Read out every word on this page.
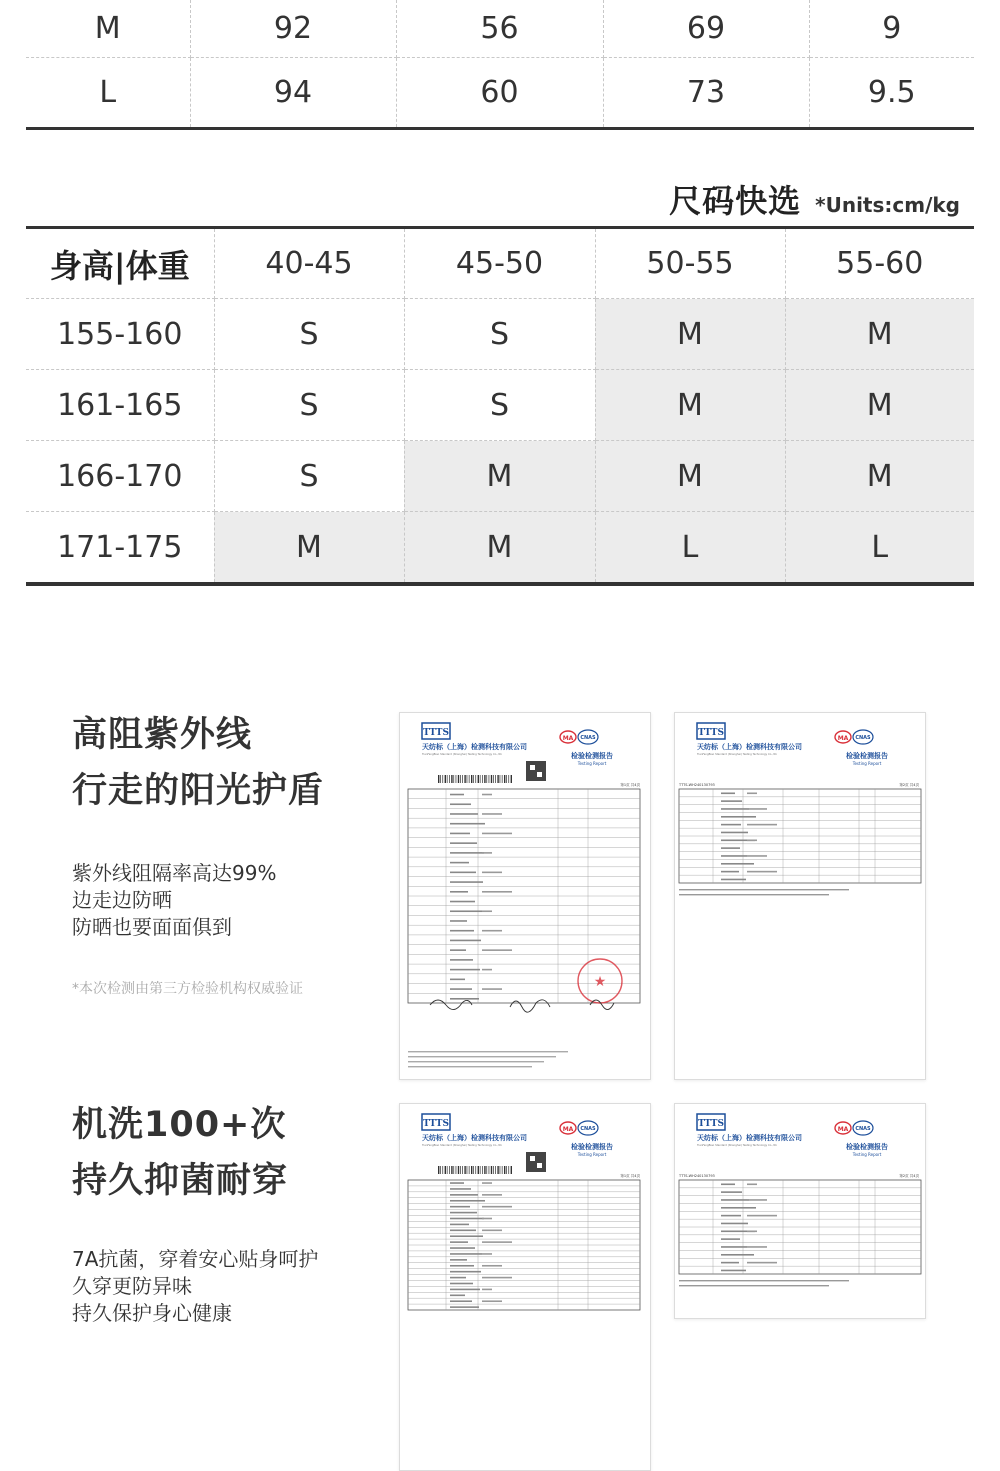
M	92	56	69	9
L	94	60	73	9.5
尺码快选 *Units:cm/kg
身高|体重	40-45	45-50	50-55	55-60
155-160	S	S	M	M
161-165	S	S	M	M
166-170	S	M	M	M
171-175	M	M	L	L
高阻紫外线
行走的阳光护盾
紫外线阻隔率高达99%
边走边防晒
防晒也要面面俱到
*本次检测由第三方检验机构权威验证
机洗100+次
持久抑菌耐穿
7A抗菌，穿着安心贴身呵护
久穿更防异味
持久保护身心健康
TTTS
天纺标（上海）检测科技有限公司
TianFangBiao Standard (Shanghai) Testing Technology Co.,ltd.
MA CNAS
检验检测报告
Testing Report
第1页 共4页
★
TTTS
天纺标（上海）检测科技有限公司
TianFangBiao Standard (Shanghai) Testing Technology Co.,ltd.
MA CNAS
检验检测报告
Testing Report
TTTS-WH240130793	第2页 共4页
TTTS
天纺标（上海）检测科技有限公司
TianFangBiao Standard (Shanghai) Testing Technology Co.,ltd.
MA CNAS
检验检测报告
Testing Report
第1页 共4页
TTTS
天纺标（上海）检测科技有限公司
TianFangBiao Standard (Shanghai) Testing Technology Co.,ltd.
MA CNAS
检验检测报告
Testing Report
TTTS-WH240130793	第2页 共4页
